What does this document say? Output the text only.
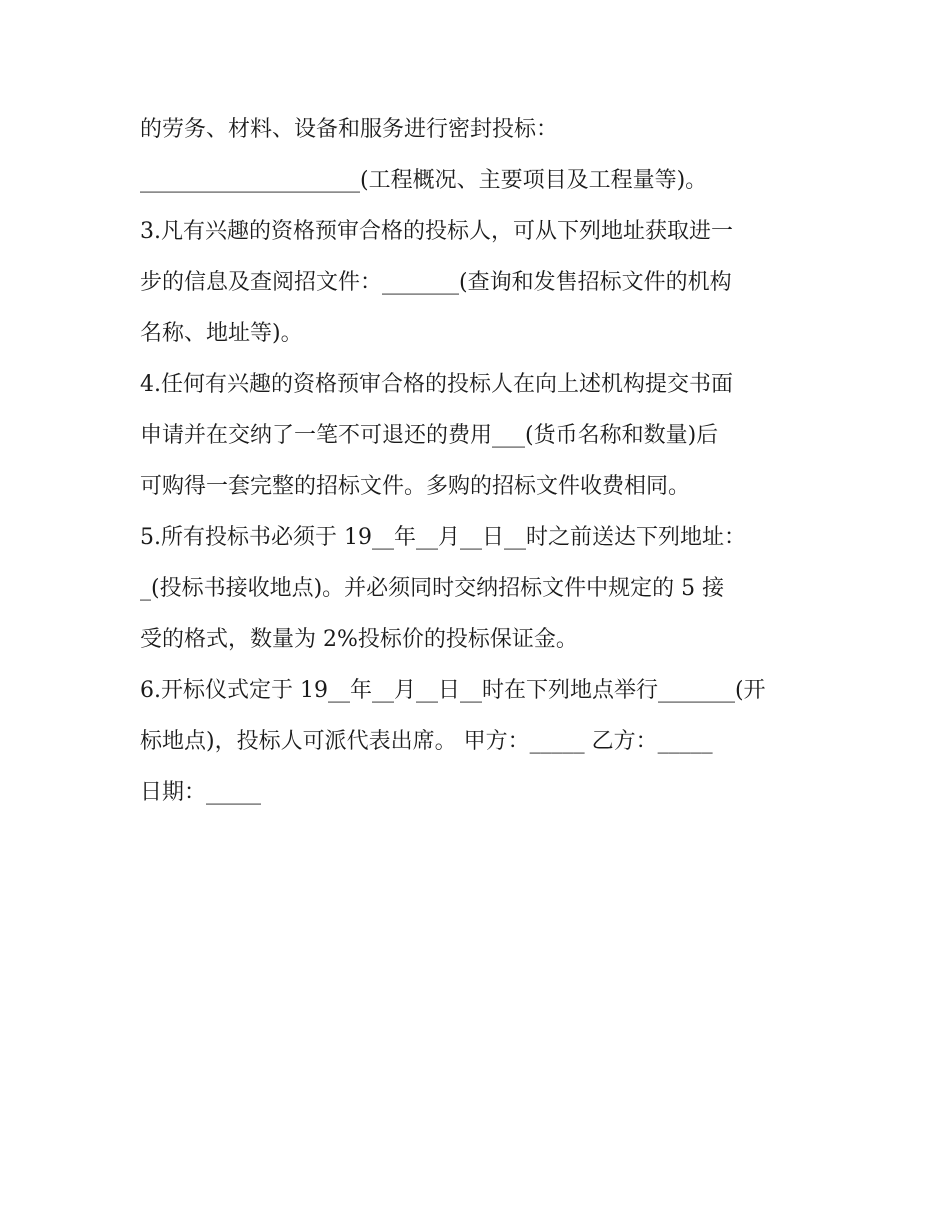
的劳务、材料、设备和服务进行密封投标：
____________________(工程概况、主要项目及工程量等)。
3.凡有兴趣的资格预审合格的投标人，可从下列地址获取进一
步的信息及查阅招文件：_______(查询和发售招标文件的机构
名称、地址等)。
4.任何有兴趣的资格预审合格的投标人在向上述机构提交书面
申请并在交纳了一笔不可退还的费用___(货币名称和数量)后
可购得一套完整的招标文件。多购的招标文件收费相同。
5.所有投标书必须于 19__年__月__日__时之前送达下列地址：
_(投标书接收地点)。并必须同时交纳招标文件中规定的 5 接
受的格式，数量为 2%投标价的投标保证金。
6.开标仪式定于 19__年__月__日__时在下列地点举行_______(开
标地点)，投标人可派代表出席。 甲方：_____ 乙方：_____
日期：_____
